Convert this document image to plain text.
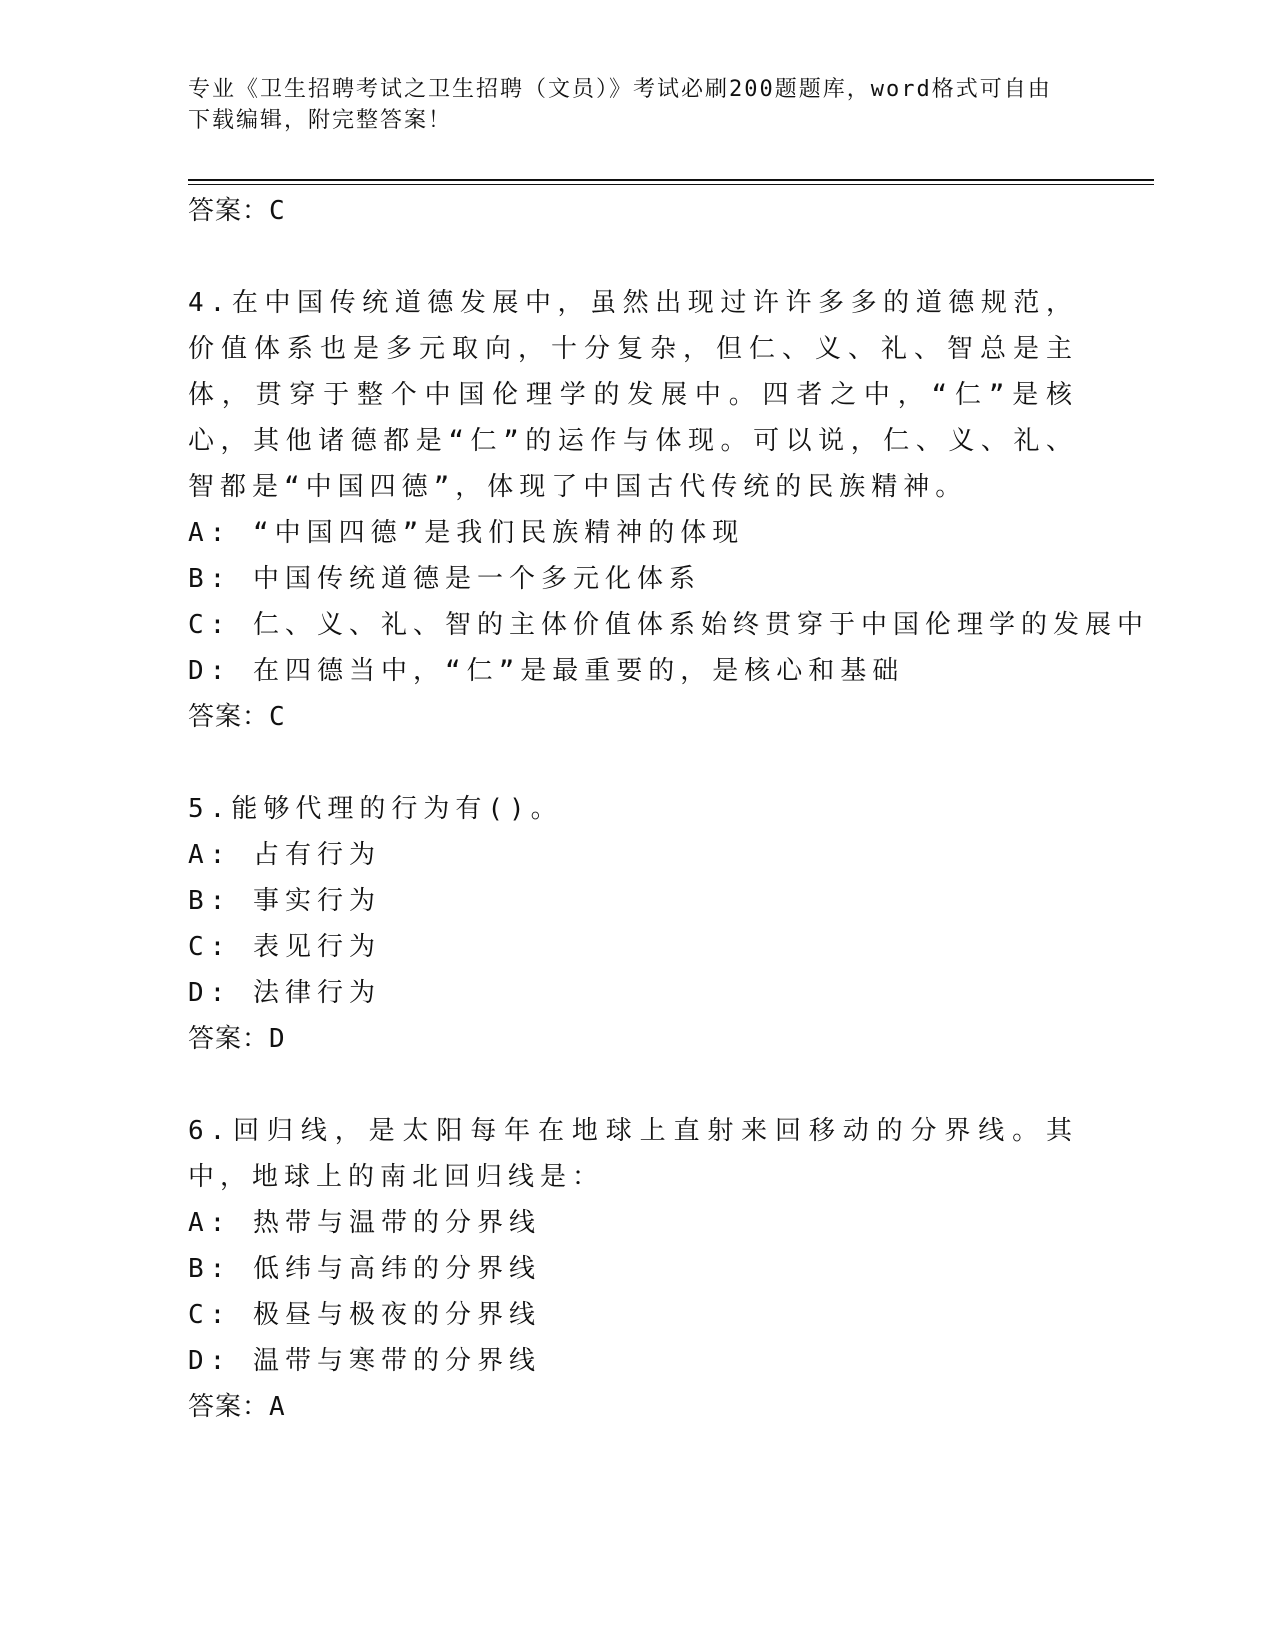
专业《卫生招聘考试之卫生招聘（文员）》考试必刷200题题库，word格式可自由下载编辑，附完整答案！
答案：C

4.在中国传统道德发展中，虽然出现过许许多多的道德规范，价值体系也是多元取向，十分复杂，但仁、义、礼、智总是主体，贯穿于整个中国伦理学的发展中。四者之中，“仁”是核心，其他诸德都是“仁”的运作与体现。可以说，仁、义、礼、智都是“中国四德”，体现了中国古代传统的民族精神。

A: “中国四德”是我们民族精神的体现
B: 中国传统道德是一个多元化体系
C: 仁、义、礼、智的主体价值体系始终贯穿于中国伦理学的发展中
D: 在四德当中，“仁”是最重要的，是核心和基础
答案：C

5.能够代理的行为有()。

A: 占有行为
B: 事实行为
C: 表见行为
D: 法律行为
答案：D

6.回归线，是太阳每年在地球上直射来回移动的分界线。其中，地球上的南北回归线是：

A: 热带与温带的分界线
B: 低纬与高纬的分界线
C: 极昼与极夜的分界线
D: 温带与寒带的分界线
答案：A
